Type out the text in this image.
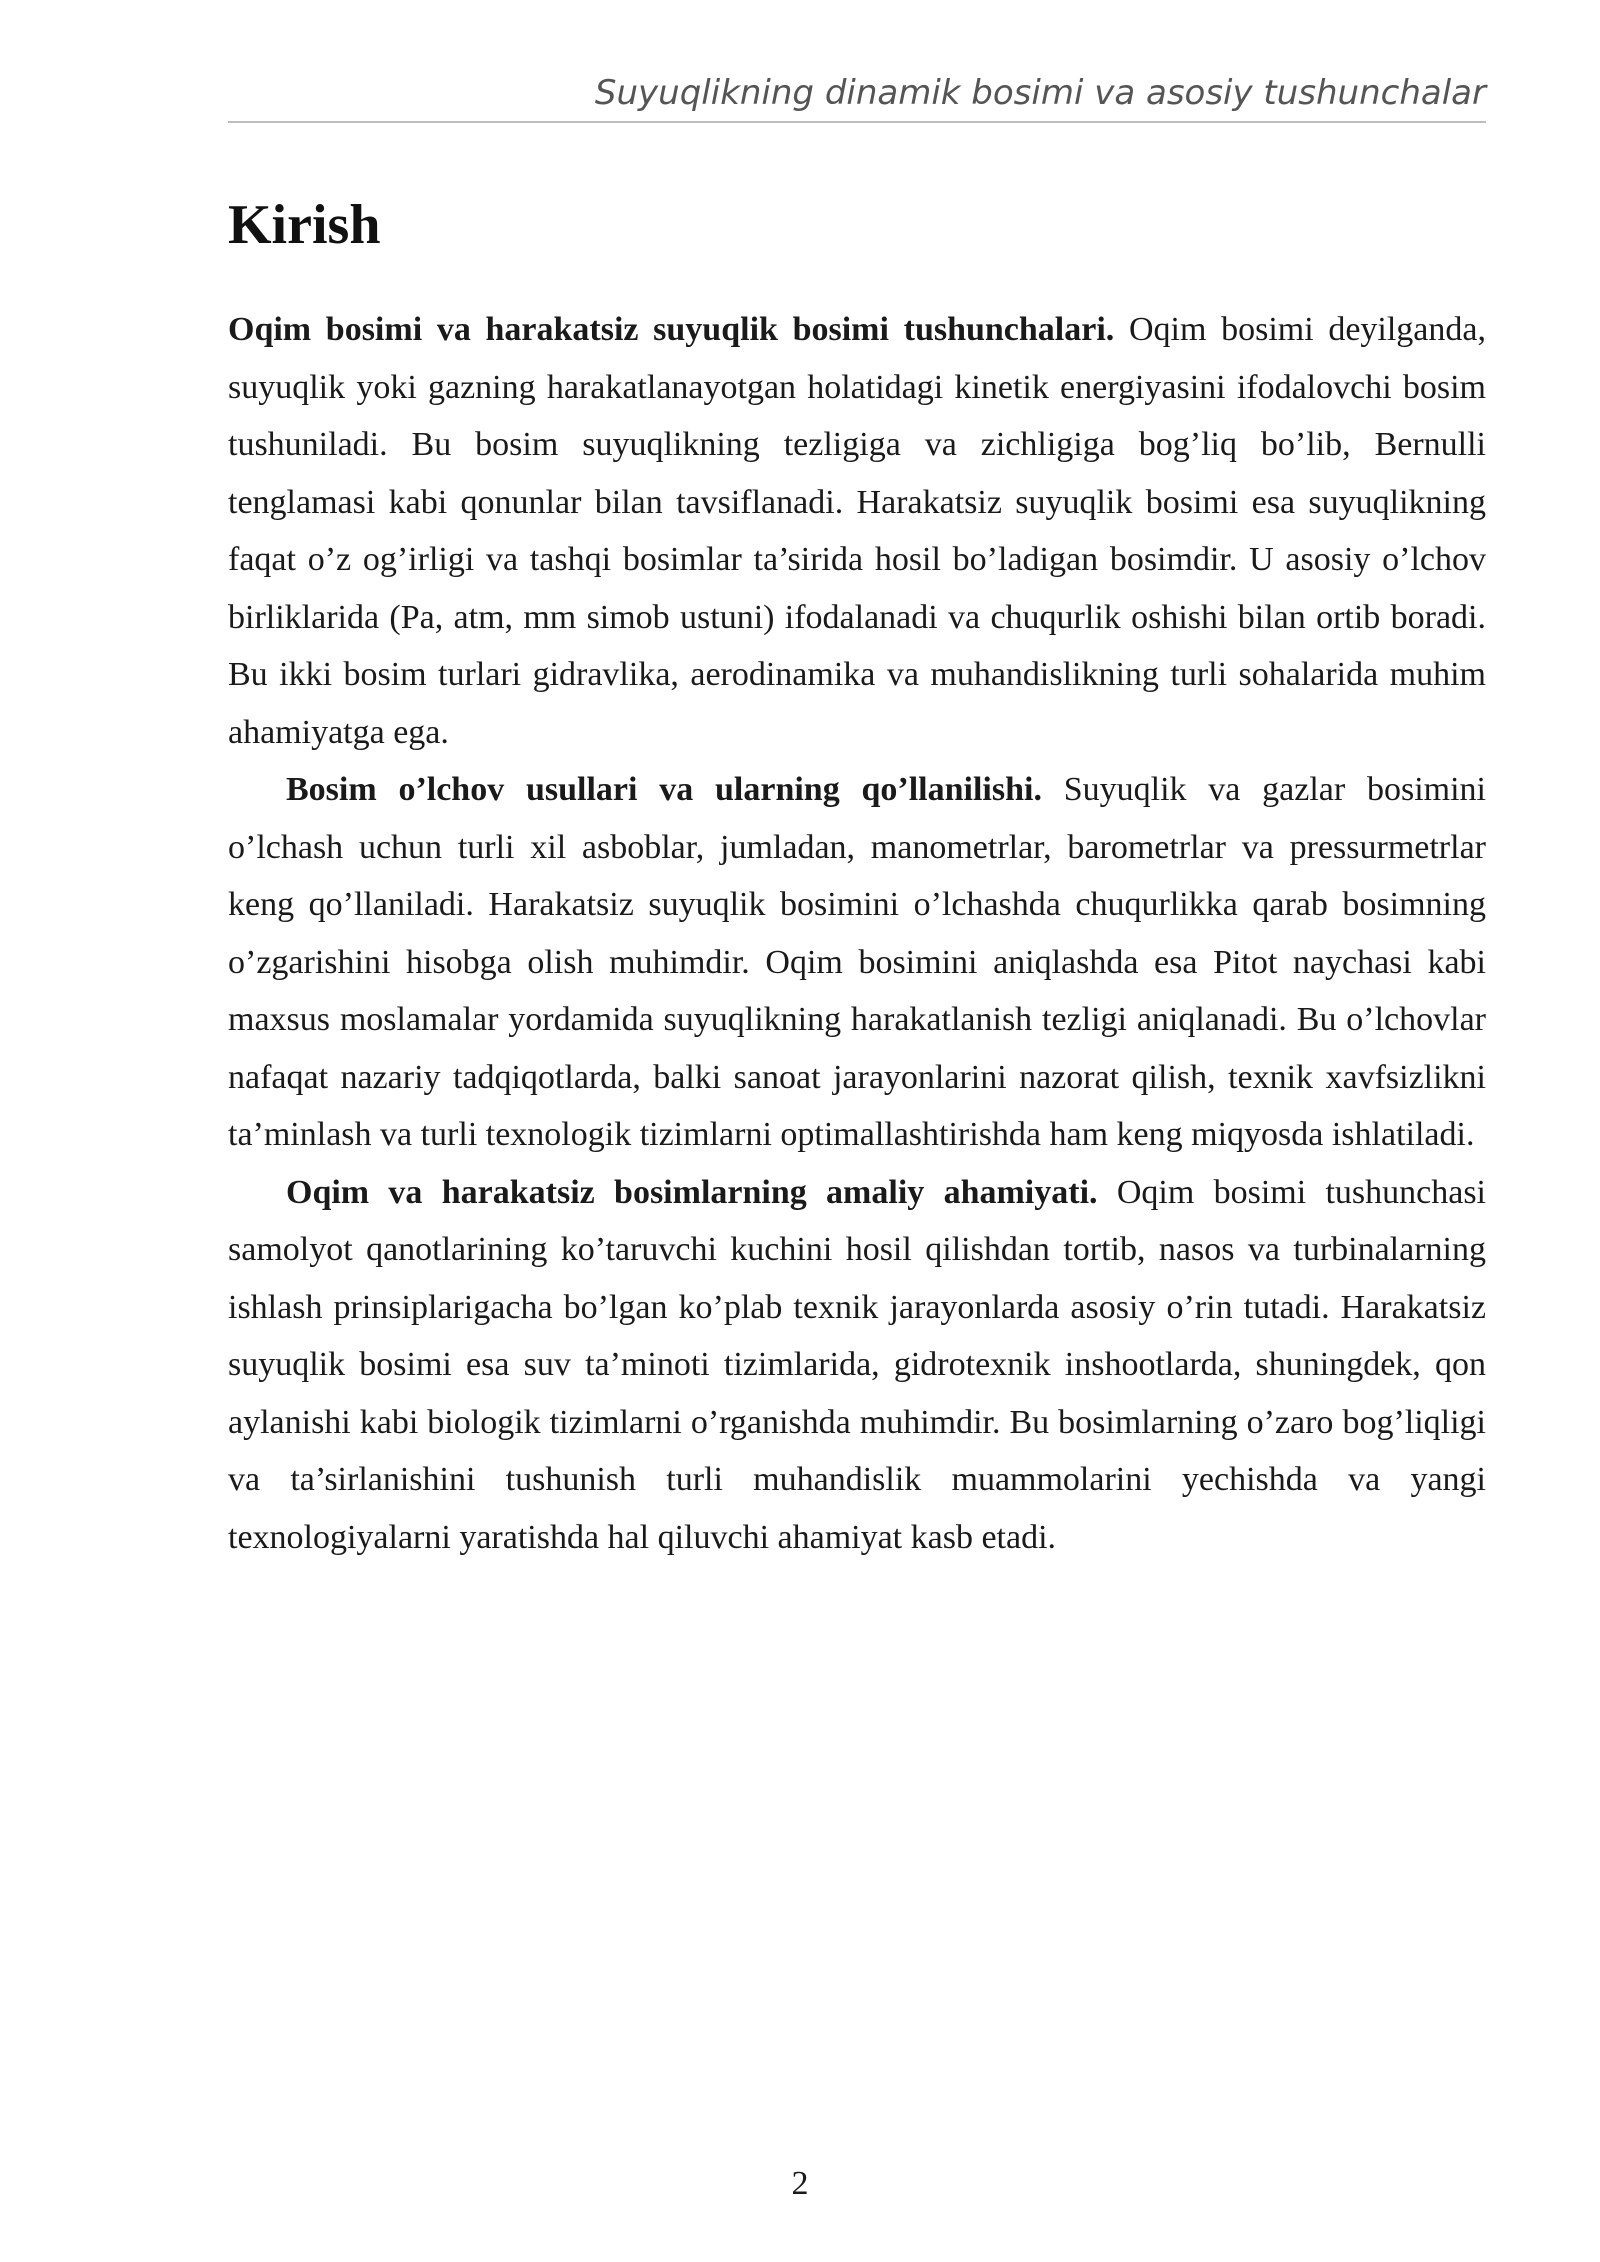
Suyuqlikning dinamik bosimi va asosiy tushunchalar
Kirish

Oqim bosimi va harakatsiz suyuqlik bosimi tushunchalari. Oqim bosimi deyilganda, suyuqlik yoki gazning harakatlanayotgan holatidagi kinetik energiyasini ifodalovchi bosim tushuniladi. Bu bosim suyuqlikning tezligiga va zichligiga bog’liq bo’lib, Bernulli tenglamasi kabi qonunlar bilan tavsiflanadi. Harakatsiz suyuqlik bosimi esa suyuqlikning faqat o’z og’irligi va tashqi bosimlar ta’sirida hosil bo’ladigan bosimdir. U asosiy o’lchov birliklarida (Pa, atm, mm simob ustuni) ifodalanadi va chuqurlik oshishi bilan ortib boradi. Bu ikki bosim turlari gidravlika, aerodinamika va muhandislikning turli sohalarida muhim ahamiyatga ega.

Bosim o’lchov usullari va ularning qo’llanilishi. Suyuqlik va gazlar bosimini o’lchash uchun turli xil asboblar, jumladan, manometrlar, barometrlar va pressurmetrlar keng qo’llaniladi. Harakatsiz suyuqlik bosimini o’lchashda chuqurlikka qarab bosimning o’zgarishini hisobga olish muhimdir. Oqim bosimini aniqlashda esa Pitot naychasi kabi maxsus moslamalar yordamida suyuqlikning harakatlanish tezligi aniqlanadi. Bu o’lchovlar nafaqat nazariy tadqiqotlarda, balki sanoat jarayonlarini nazorat qilish, texnik xavfsizlikni ta’minlash va turli texnologik tizimlarni optimallashtirishda ham keng miqyosda ishlatiladi.

Oqim va harakatsiz bosimlarning amaliy ahamiyati. Oqim bosimi tushunchasi samolyot qanotlarining ko’taruvchi kuchini hosil qilishdan tortib, nasos va turbinalarning ishlash prinsiplarigacha bo’lgan ko’plab texnik jarayonlarda asosiy o’rin tutadi. Harakatsiz suyuqlik bosimi esa suv ta’minoti tizimlarida, gidrotexnik inshootlarda, shuningdek, qon aylanishi kabi biologik tizimlarni o’rganishda muhimdir. Bu bosimlarning o’zaro bog’liqligi va ta’sirlanishini tushunish turli muhandislik muammolarini yechishda va yangi texnologiyalarni yaratishda hal qiluvchi ahamiyat kasb etadi.

2
